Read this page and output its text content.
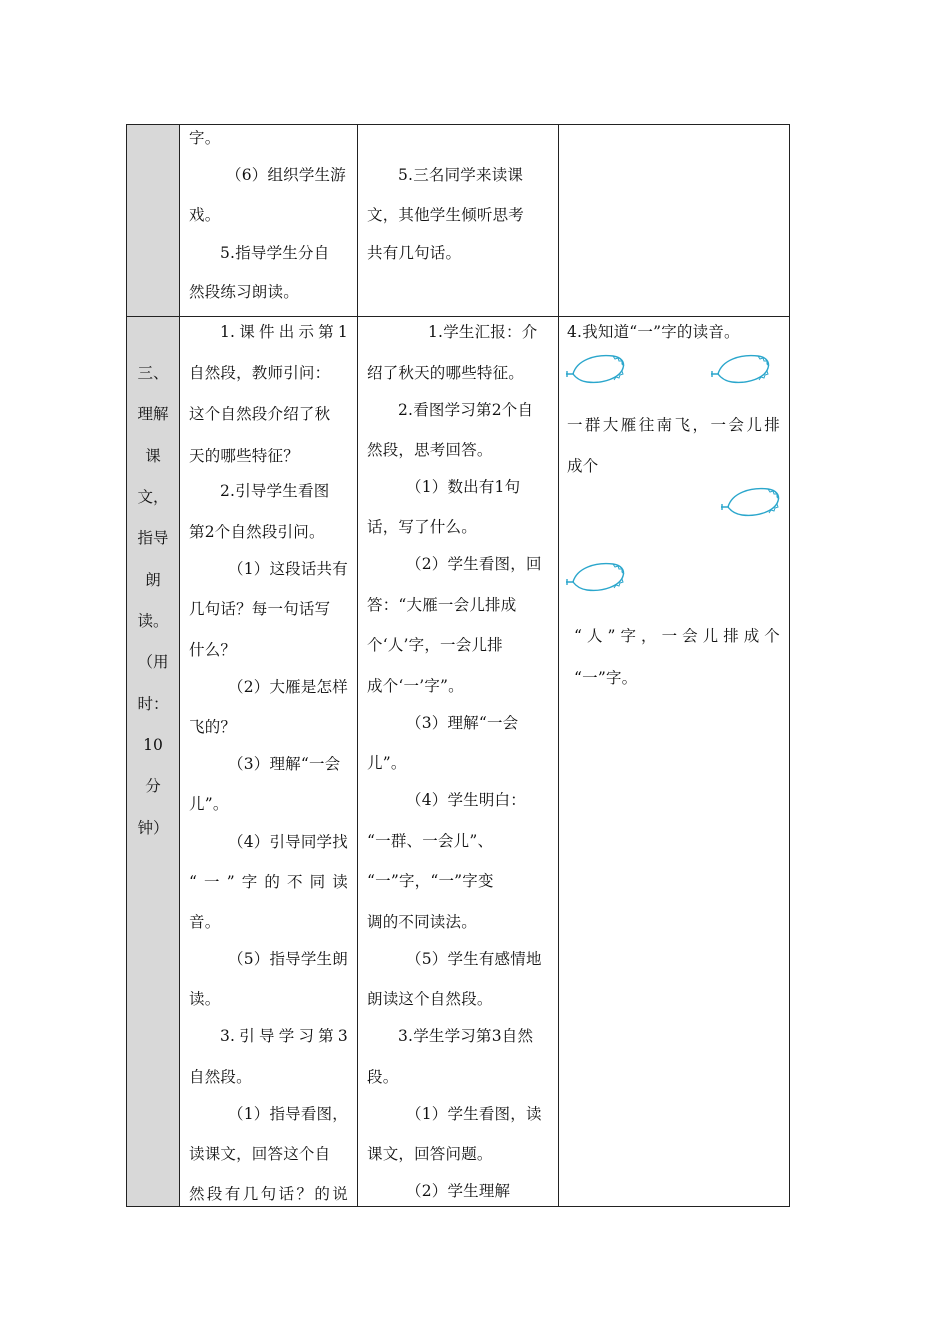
字。
（6）组织学生游
戏。
5.指导学生分自
然段练习朗读。
5.三名同学来读课
文，其他学生倾听思考
共有几句话。
三、
理解
课
文，
指导
朗
读。
（用
时：
10
分
钟）
1.课件出示第1
自然段，教师引问：
这个自然段介绍了秋
天的哪些特征？
2.引导学生看图
第2个自然段引问。
（1）这段话共有
几句话？每一句话写
什么？
（2）大雁是怎样
飞的？
（3）理解“一会
儿”。
（4）引导同学找
“一”字的不同读
音。
（5）指导学生朗
读。
3.引导学习第3
自然段。
（1）指导看图，
读课文，回答这个自
然段有几句话？的说
1.学生汇报：介
绍了秋天的哪些特征。
2.看图学习第2个自
然段，思考回答。
（1）数出有1句
话，写了什么。
（2）学生看图，回
答：“大雁一会儿排成
个‘人’字，一会儿排
成个‘一’字”。
（3）理解“一会
儿”。
（4）学生明白：
“一群、一会儿”、
“一”字，“一”字变
调的不同读法。
（5）学生有感情地
朗读这个自然段。
3.学生学习第3自然
段。
（1）学生看图，读
课文，回答问题。
（2）学生理解
4.我知道“一”字的读音。
一群大雁往南飞，一会儿排
成个
“人”字，一会儿排成个
“一”字。
